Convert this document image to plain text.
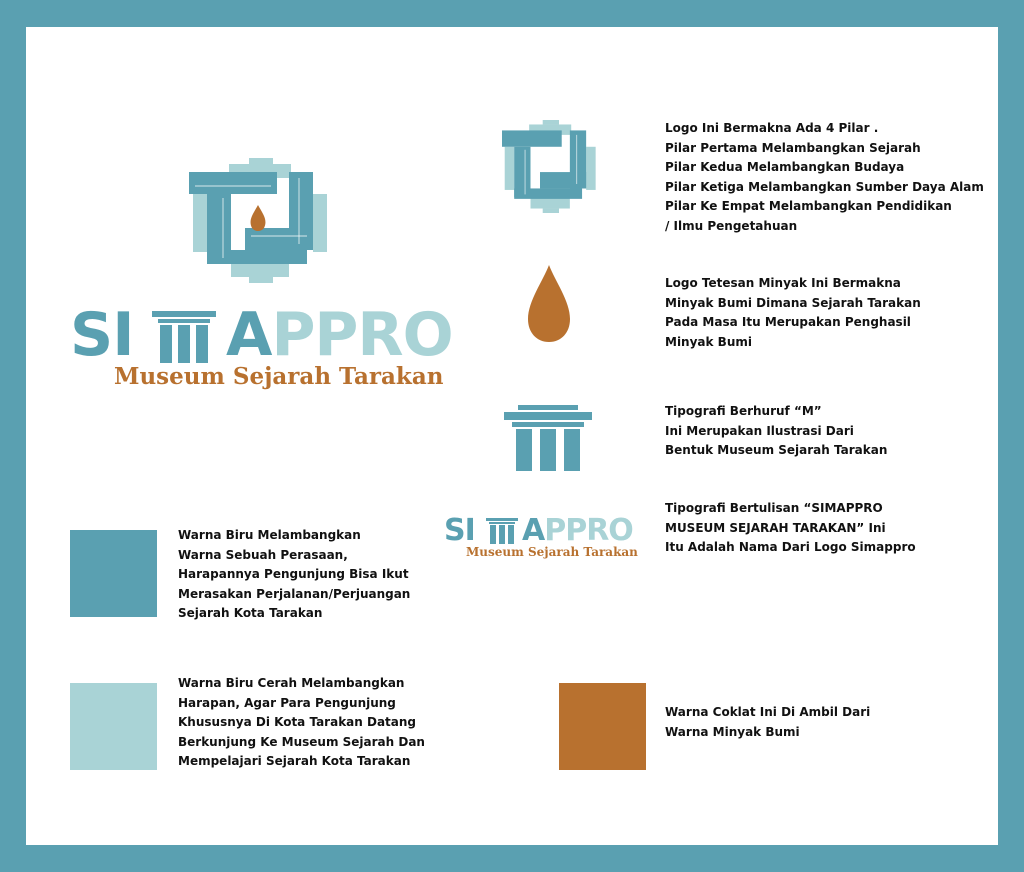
SI APPRO
Museum Sejarah Tarakan
SI APPRO
Museum Sejarah Tarakan
Logo Ini Bermakna Ada 4 Pilar .
Pilar Pertama Melambangkan Sejarah
Pilar Kedua Melambangkan Budaya
Pilar Ketiga Melambangkan Sumber Daya Alam
Pilar Ke Empat Melambangkan Pendidikan
/ Ilmu Pengetahuan
Logo Tetesan Minyak Ini Bermakna
Minyak Bumi Dimana Sejarah Tarakan
Pada Masa Itu Merupakan Penghasil
Minyak Bumi
Tipografi Berhuruf “M”
Ini Merupakan Ilustrasi Dari
Bentuk Museum Sejarah Tarakan
Tipografi Bertulisan “SIMAPPRO
MUSEUM SEJARAH TARAKAN” Ini
Itu Adalah Nama Dari Logo Simappro
Warna Biru Melambangkan
Warna Sebuah Perasaan,
Harapannya Pengunjung Bisa Ikut
Merasakan Perjalanan/Perjuangan
Sejarah Kota Tarakan
Warna Biru Cerah Melambangkan
Harapan, Agar Para Pengunjung
Khususnya Di Kota Tarakan Datang
Berkunjung Ke Museum Sejarah Dan
Mempelajari Sejarah Kota Tarakan
Warna Coklat Ini Di Ambil Dari
Warna Minyak Bumi
